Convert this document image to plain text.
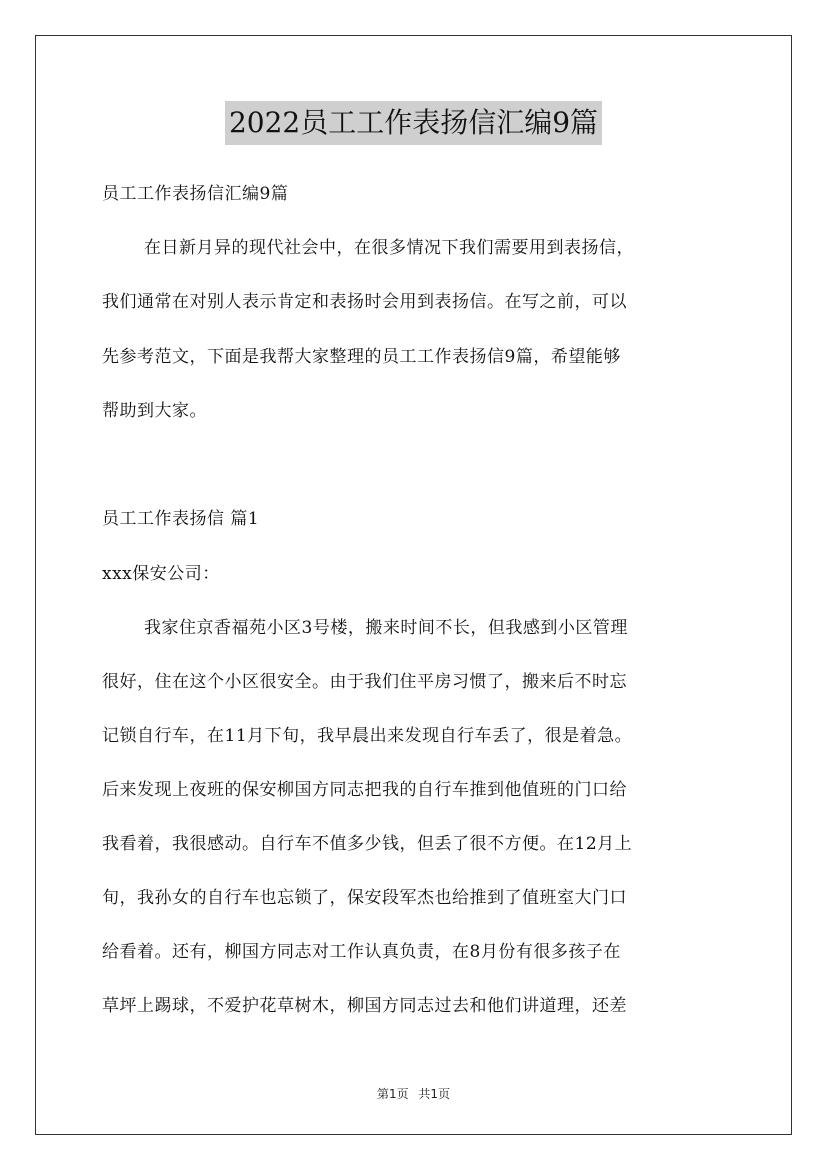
2022员工工作表扬信汇编9篇
员工工作表扬信汇编9篇
在日新月异的现代社会中，在很多情况下我们需要用到表扬信，
我们通常在对别人表示肯定和表扬时会用到表扬信。在写之前，可以
先参考范文，下面是我帮大家整理的员工工作表扬信9篇，希望能够
帮助到大家。
员工工作表扬信 篇1
xxx保安公司：
我家住京香福苑小区3号楼，搬来时间不长，但我感到小区管理
很好，住在这个小区很安全。由于我们住平房习惯了，搬来后不时忘
记锁自行车，在11月下旬，我早晨出来发现自行车丢了，很是着急。
后来发现上夜班的保安柳国方同志把我的自行车推到他值班的门口给
我看着，我很感动。自行车不值多少钱，但丢了很不方便。在12月上
旬，我孙女的自行车也忘锁了，保安段军杰也给推到了值班室大门口
给看着。还有，柳国方同志对工作认真负责，在8月份有很多孩子在
草坪上踢球，不爱护花草树木，柳国方同志过去和他们讲道理，还差
第1页 共1页
